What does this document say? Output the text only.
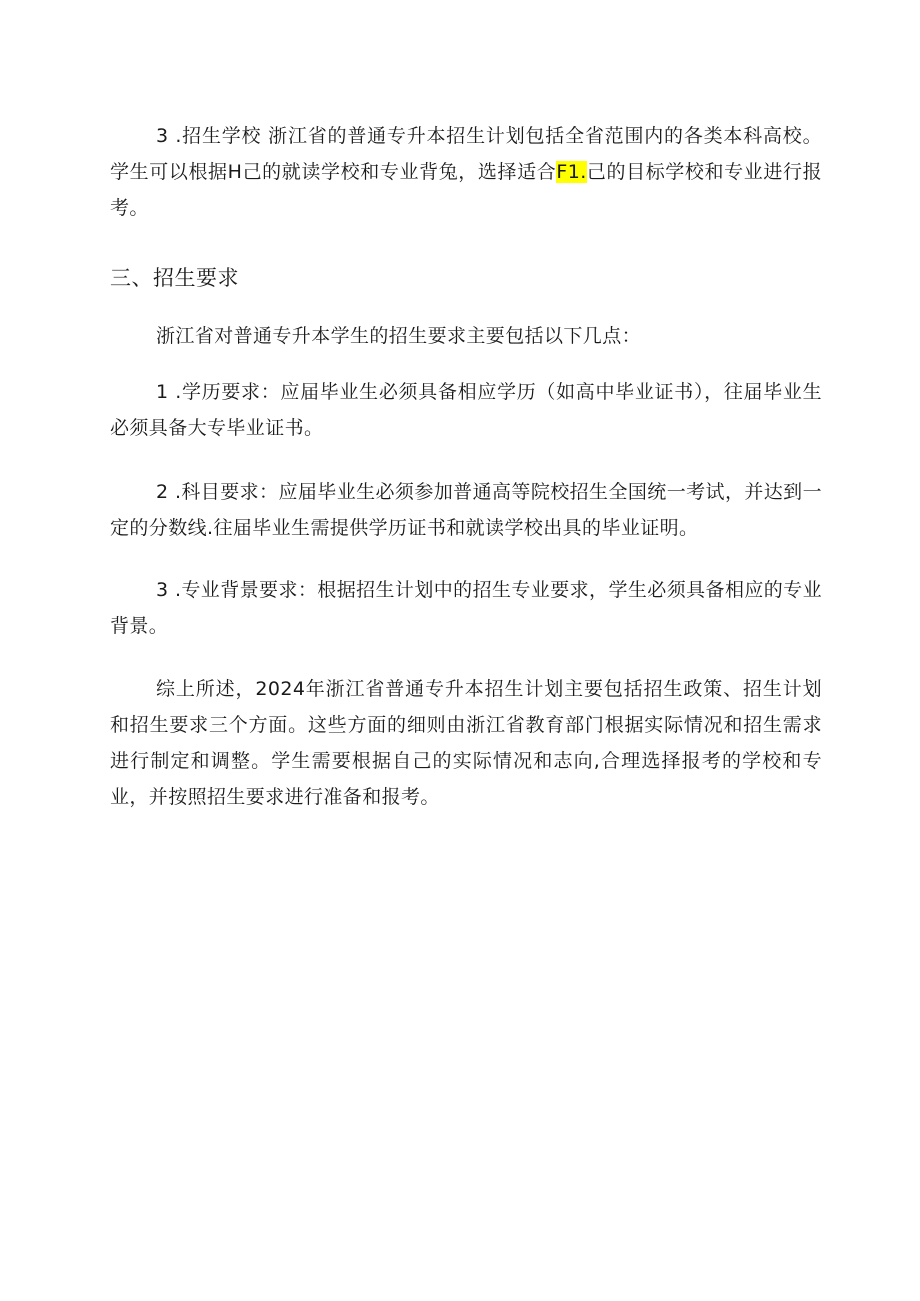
3 .招生学校 浙江省的普通专升本招生计划包括全省范围内的各类本科高校。学生可以根据H己的就读学校和专业背兔，选择适合F1.己的目标学校和专业进行报考。

三、招生要求

浙江省对普通专升本学生的招生要求主要包括以下几点：

1 .学历要求：应届毕业生必须具备相应学历（如高中毕业证书），往届毕业生必须具备大专毕业证书。

2 .科目要求：应届毕业生必须参加普通高等院校招生全国统一考试，并达到一定的分数线.往届毕业生需提供学历证书和就读学校出具的毕业证明。

3 .专业背景要求：根据招生计划中的招生专业要求，学生必须具备相应的专业背景。

综上所述，2024年浙江省普通专升本招生计划主要包括招生政策、招生计划和招生要求三个方面。这些方面的细则由浙江省教育部门根据实际情况和招生需求进行制定和调整。学生需要根据自己的实际情况和志向,合理选择报考的学校和专业，并按照招生要求进行准备和报考。
